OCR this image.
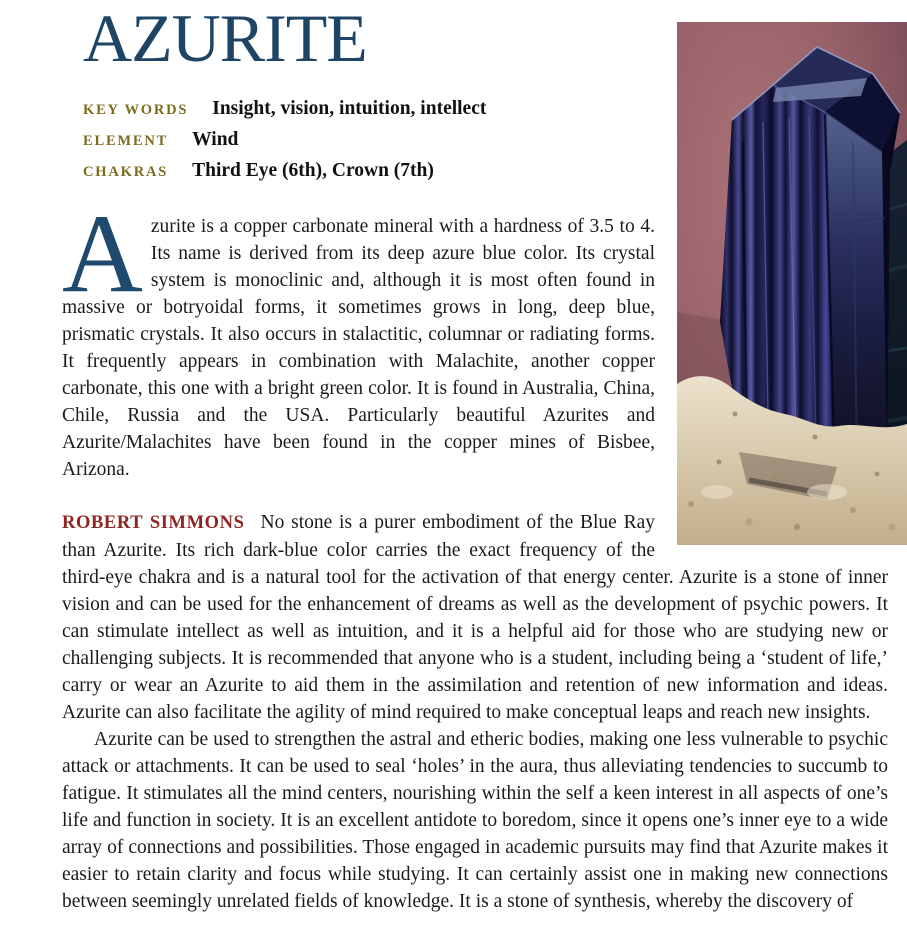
AZURITE
KEY WORDS Insight, vision, intuition, intellect
ELEMENT Wind
CHAKRAS Third Eye (6th), Crown (7th)

Azurite is a copper carbonate mineral with a hardness of 3.5 to 4. Its name is derived from its deep azure blue color. Its crystal system is monoclinic and, although it is most often found in massive or botryoidal forms, it sometimes grows in long, deep blue, prismatic crystals. It also occurs in stalactitic, columnar or radiating forms. It frequently appears in combination with Malachite, another copper carbonate, this one with a bright green color. It is found in Australia, China, Chile, Russia and the USA. Particularly beautiful Azurites and Azurite/Malachites have been found in the copper mines of Bisbee, Arizona.

ROBERT SIMMONS No stone is a purer embodiment of the Blue Ray than Azurite. Its rich dark-blue color carries the exact frequency of the third-eye chakra and is a natural tool for the activation of that energy center. Azurite is a stone of inner vision and can be used for the enhancement of dreams as well as the development of psychic powers. It can stimulate intellect as well as intuition, and it is a helpful aid for those who are studying new or challenging subjects. It is recommended that anyone who is a student, including being a ‘student of life,’ carry or wear an Azurite to aid them in the assimilation and retention of new information and ideas. Azurite can also facilitate the agility of mind required to make conceptual leaps and reach new insights.

Azurite can be used to strengthen the astral and etheric bodies, making one less vulnerable to psychic attack or attachments. It can be used to seal ‘holes’ in the aura, thus alleviating tendencies to succumb to fatigue. It stimulates all the mind centers, nourishing within the self a keen interest in all aspects of one’s life and function in society. It is an excellent antidote to boredom, since it opens one’s inner eye to a wide array of connections and possibilities. Those engaged in academic pursuits may find that Azurite makes it easier to retain clarity and focus while studying. It can certainly assist one in making new connections between seemingly unrelated fields of knowledge. It is a stone of synthesis, whereby the discovery of
